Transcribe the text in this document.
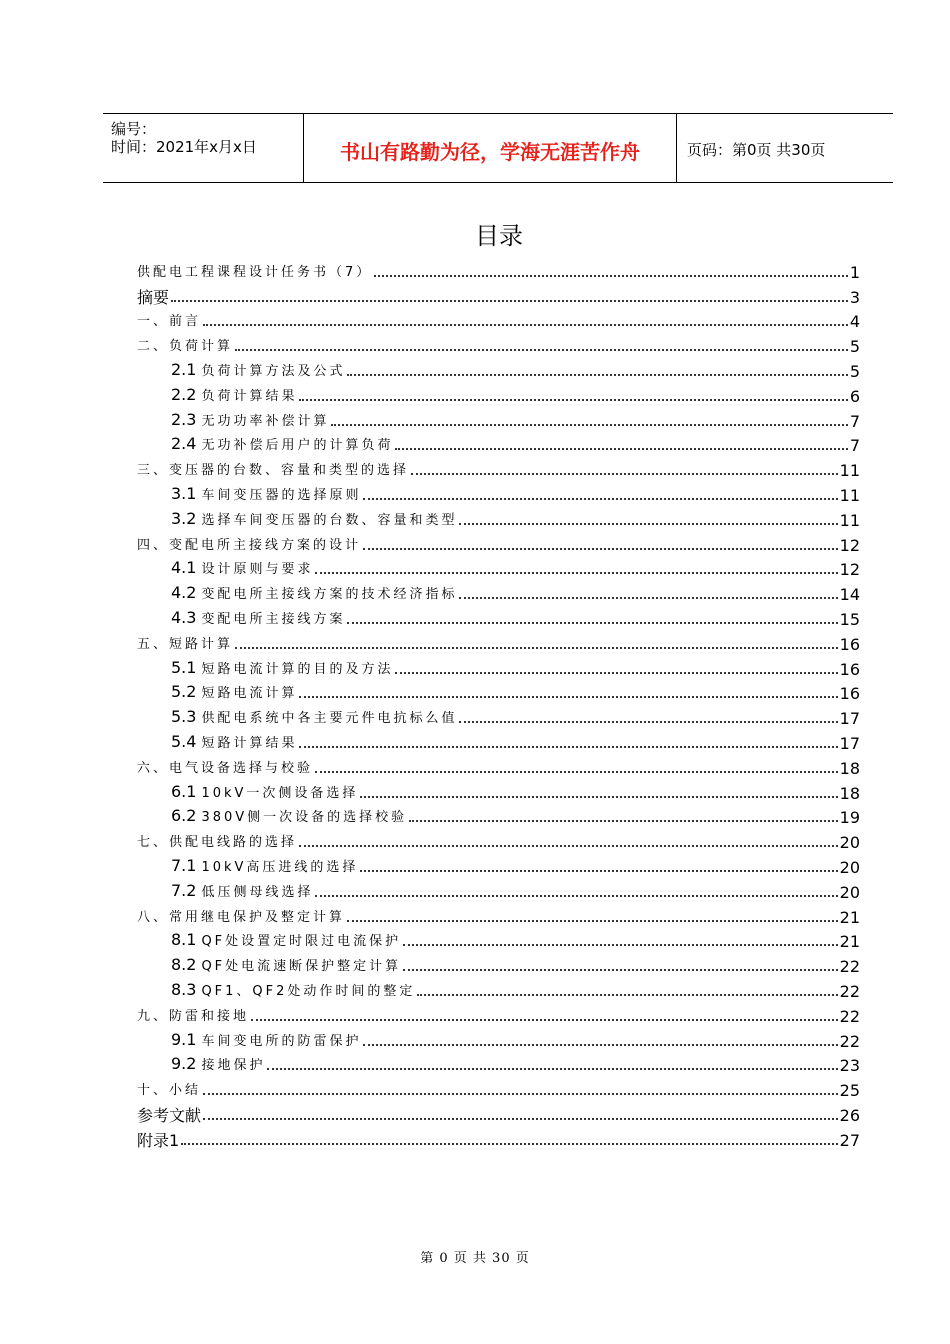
编号：
时间：2021年x月x日	书山有路勤为径，学海无涯苦作舟	页码：第0页 共30页
目录
供配电工程课程设计任务书（7）	1
摘要	3
一、前言	4
二、负荷计算	5
2.1 负荷计算方法及公式	5
2.2 负荷计算结果	6
2.3 无功功率补偿计算	7
2.4 无功补偿后用户的计算负荷	7
三、变压器的台数、容量和类型的选择	11
3.1 车间变压器的选择原则	11
3.2 选择车间变压器的台数、容量和类型	11
四、变配电所主接线方案的设计	12
4.1 设计原则与要求	12
4.2 变配电所主接线方案的技术经济指标	14
4.3 变配电所主接线方案	15
五、短路计算	16
5.1 短路电流计算的目的及方法	16
5.2 短路电流计算	16
5.3 供配电系统中各主要元件电抗标么值	17
5.4 短路计算结果	17
六、电气设备选择与校验	18
6.1 10kV一次侧设备选择	18
6.2 380V侧一次设备的选择校验	19
七、供配电线路的选择	20
7.1 10kV高压进线的选择	20
7.2 低压侧母线选择	20
八、常用继电保护及整定计算	21
8.1 QF处设置定时限过电流保护	21
8.2 QF处电流速断保护整定计算	22
8.3 QF1、QF2处动作时间的整定	22
九、防雷和接地	22
9.1 车间变电所的防雷保护	22
9.2 接地保护	23
十、小结	25
参考文献	26
附录1	27
第 0 页 共 30 页
